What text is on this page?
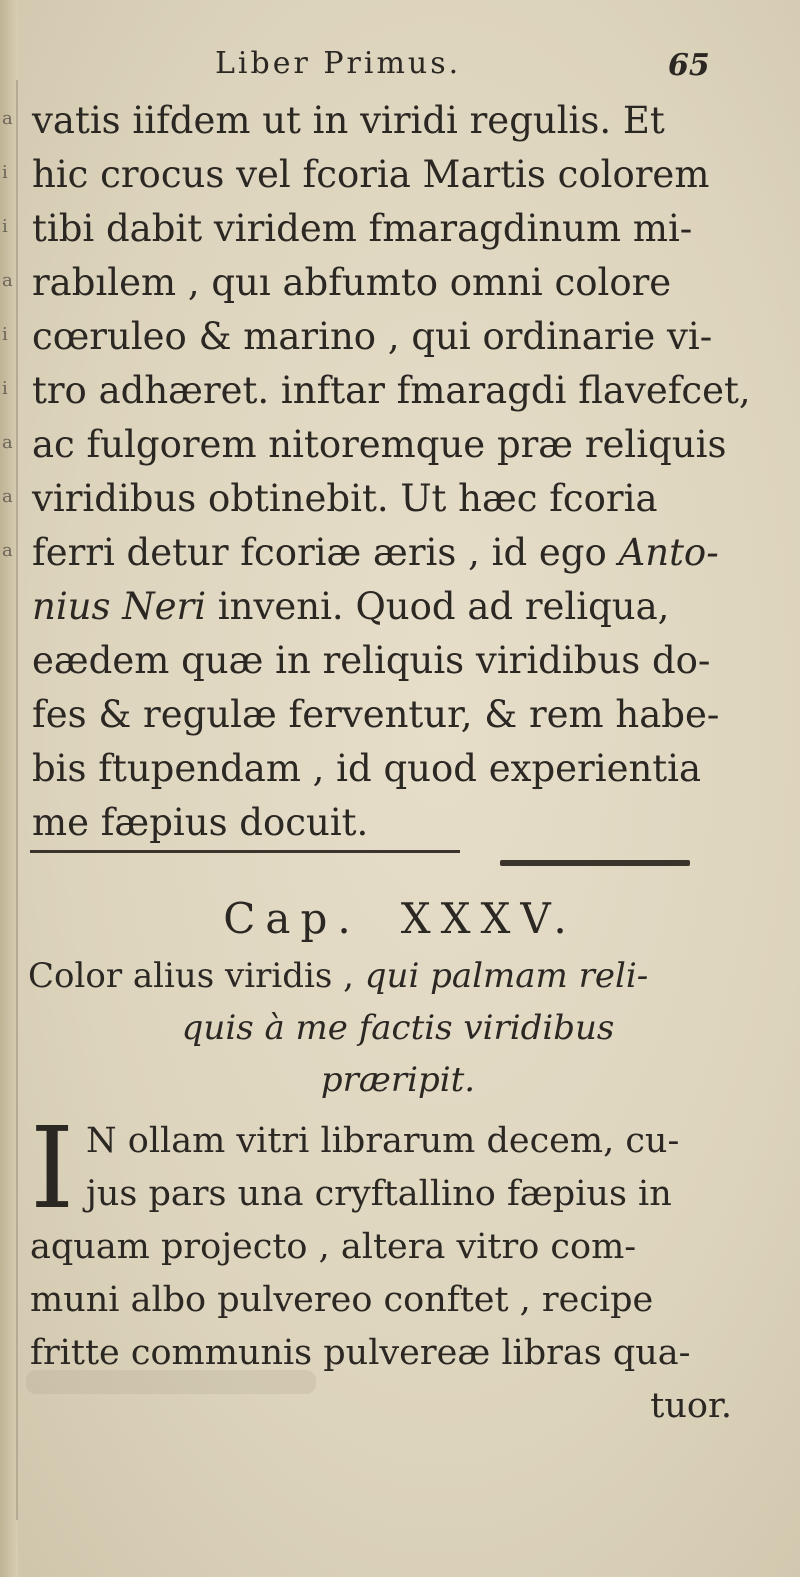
a
i
i
a
i
i
a
a
a
Liber Primus.	65
vatis iifdem ut in viridi regulis. Et
hic crocus vel fcoria Martis colorem
tibi dabit viridem fmaragdinum mi-
rabılem , quı abfumto omni colore
cœruleo & marino , qui ordinarie vi-
tro adhæret. inftar fmaragdi flavefcet,
ac fulgorem nitoremque præ reliquis
viridibus obtinebit. Ut hæc fcoria
ferri detur fcoriæ æris , id ego Anto-
nius Neri inveni. Quod ad reliqua,
eædem quæ in reliquis viridibus do-
fes & regulæ ferventur, & rem habe-
bis ftupendam , id quod experientia
me fæpius docuit.
Cap. XXXV.
Color alius viridis , qui palmam reli-
quis à me factis viridibus
præripit.
I N ollam vitri librarum decem, cu-
jus pars una cryftallino fæpius in
aquam projecto , altera vitro com-
muni albo pulvereo conftet , recipe
fritte communis pulvereæ libras qua-
tuor.
